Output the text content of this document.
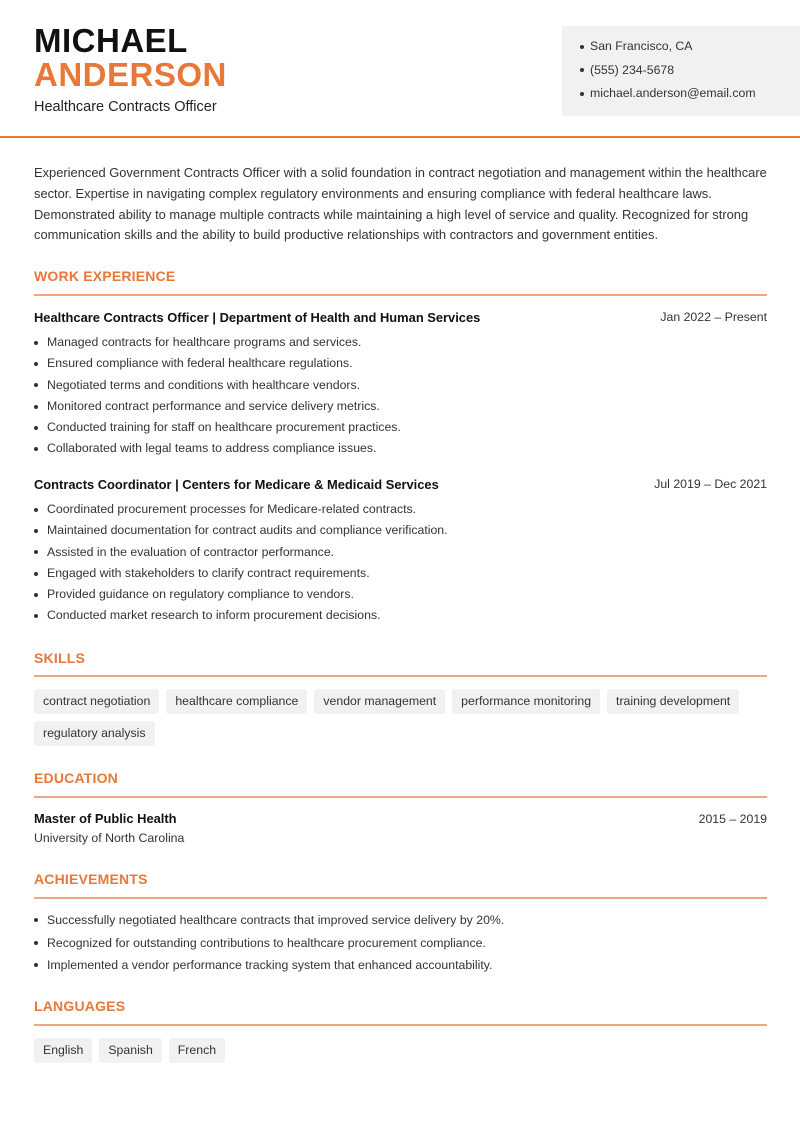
MICHAEL
ANDERSON
Healthcare Contracts Officer
San Francisco, CA
(555) 234-5678
michael.anderson@email.com

Experienced Government Contracts Officer with a solid foundation in contract negotiation and management within the healthcare sector. Expertise in navigating complex regulatory environments and ensuring compliance with federal healthcare laws. Demonstrated ability to manage multiple contracts while maintaining a high level of service and quality. Recognized for strong communication skills and the ability to build productive relationships with contractors and government entities.

WORK EXPERIENCE
Healthcare Contracts Officer | Department of Health and Human Services	Jan 2022 – Present
Managed contracts for healthcare programs and services.
Ensured compliance with federal healthcare regulations.
Negotiated terms and conditions with healthcare vendors.
Monitored contract performance and service delivery metrics.
Conducted training for staff on healthcare procurement practices.
Collaborated with legal teams to address compliance issues.
Contracts Coordinator | Centers for Medicare & Medicaid Services	Jul 2019 – Dec 2021
Coordinated procurement processes for Medicare-related contracts.
Maintained documentation for contract audits and compliance verification.
Assisted in the evaluation of contractor performance.
Engaged with stakeholders to clarify contract requirements.
Provided guidance on regulatory compliance to vendors.
Conducted market research to inform procurement decisions.
SKILLS
contract negotiation	healthcare compliance	vendor management	performance monitoring	training development
regulatory analysis
EDUCATION
Master of Public Health	2015 – 2019
University of North Carolina
ACHIEVEMENTS
Successfully negotiated healthcare contracts that improved service delivery by 20%.
Recognized for outstanding contributions to healthcare procurement compliance.
Implemented a vendor performance tracking system that enhanced accountability.
LANGUAGES
English	Spanish	French
